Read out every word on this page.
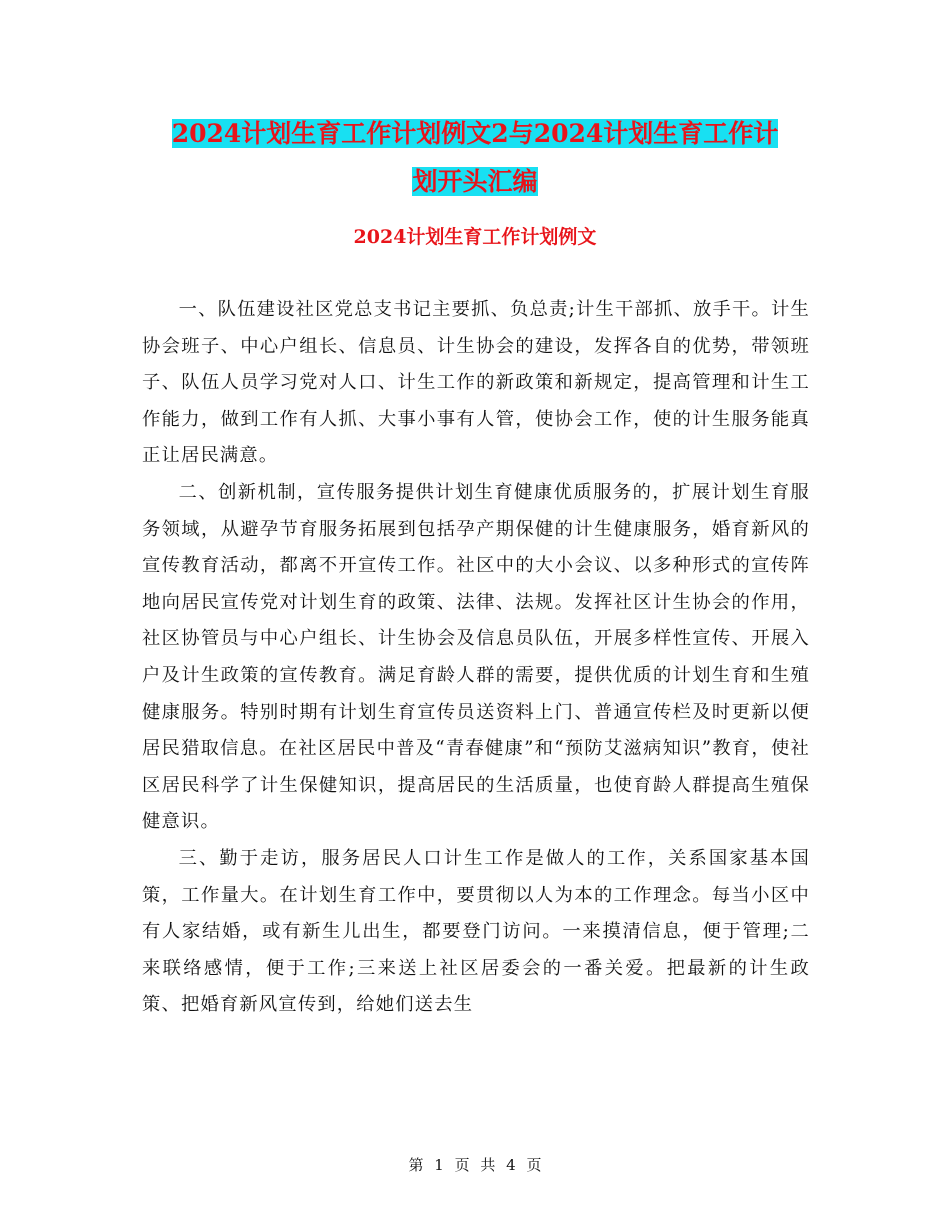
2024计划生育工作计划例文2与2024计划生育工作计
划开头汇编
2024计划生育工作计划例文

一、队伍建设社区党总支书记主要抓、负总责;计生干部抓、放手干。计生协会班子、中心户组长、信息员、计生协会的建设，发挥各自的优势，带领班子、队伍人员学习党对人口、计生工作的新政策和新规定，提高管理和计生工作能力，做到工作有人抓、大事小事有人管，使协会工作，使的计生服务能真正让居民满意。

二、创新机制，宣传服务提供计划生育健康优质服务的，扩展计划生育服务领域，从避孕节育服务拓展到包括孕产期保健的计生健康服务，婚育新风的宣传教育活动，都离不开宣传工作。社区中的大小会议、以多种形式的宣传阵地向居民宣传党对计划生育的政策、法律、法规。发挥社区计生协会的作用，社区协管员与中心户组长、计生协会及信息员队伍，开展多样性宣传、开展入户及计生政策的宣传教育。满足育龄人群的需要，提供优质的计划生育和生殖健康服务。特别时期有计划生育宣传员送资料上门、普通宣传栏及时更新以便居民猎取信息。在社区居民中普及“青春健康”和“预防艾滋病知识”教育，使社区居民科学了计生保健知识，提高居民的生活质量，也使育龄人群提高生殖保健意识。

三、勤于走访，服务居民人口计生工作是做人的工作，关系国家基本国策，工作量大。在计划生育工作中，要贯彻以人为本的工作理念。每当小区中有人家结婚，或有新生儿出生，都要登门访问。一来摸清信息，便于管理;二来联络感情，便于工作;三来送上社区居委会的一番关爱。把最新的计生政策、把婚育新风宣传到，给她们送去生

第 1 页 共 4 页
